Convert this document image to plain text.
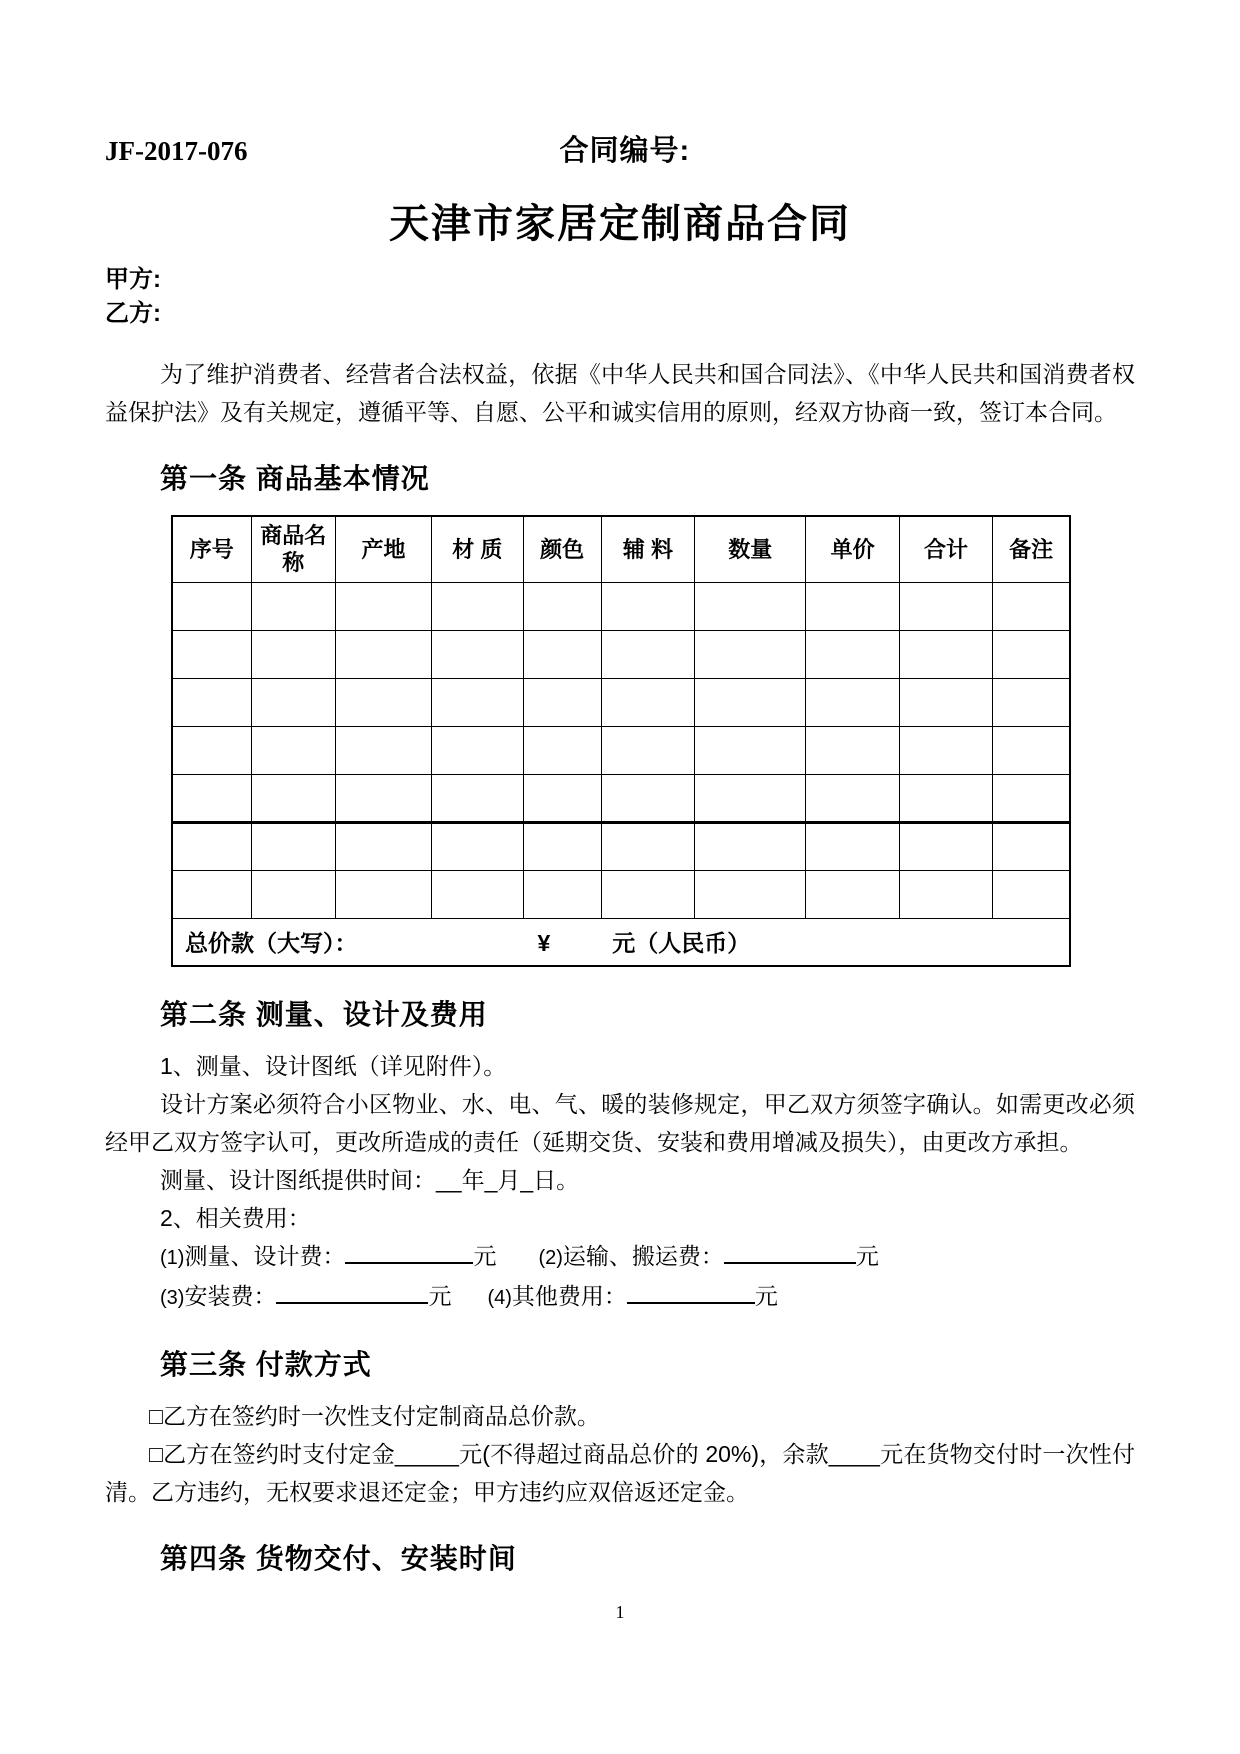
JF-2017-076	合同编号:
天津市家居定制商品合同
甲方:
乙方:

为了维护消费者、经营者合法权益，依据《中华人民共和国合同法》、《中华人民共和国消费者权益保护法》及有关规定，遵循平等、自愿、公平和诚实信用的原则，经双方协商一致，签订本合同。

第一条 商品基本情况
序号	商品名称	产地	材 质	颜色	辅 料	数量	单价	合计	备注

总价款（大写）： ¥ 元（人民币）									
第二条 测量、设计及费用

1、测量、设计图纸（详见附件）。

设计方案必须符合小区物业、水、电、气、暖的装修规定，甲乙双方须签字确认。如需更改必须经甲乙双方签字认可，更改所造成的责任（延期交货、安装和费用增减及损失），由更改方承担。

测量、设计图纸提供时间：__年_月_日。

2、相关费用：

(1)测量、设计费：	元 (2)运输、搬运费：	元

(3)安装费：	元 (4)其他费用：	元

第三条 付款方式

□乙方在签约时一次性支付定制商品总价款。

□乙方在签约时支付定金_____元(不得超过商品总价的 20%)，余款____元在货物交付时一次性付清。乙方违约，无权要求退还定金；甲方违约应双倍返还定金。

第四条 货物交付、安装时间
1
